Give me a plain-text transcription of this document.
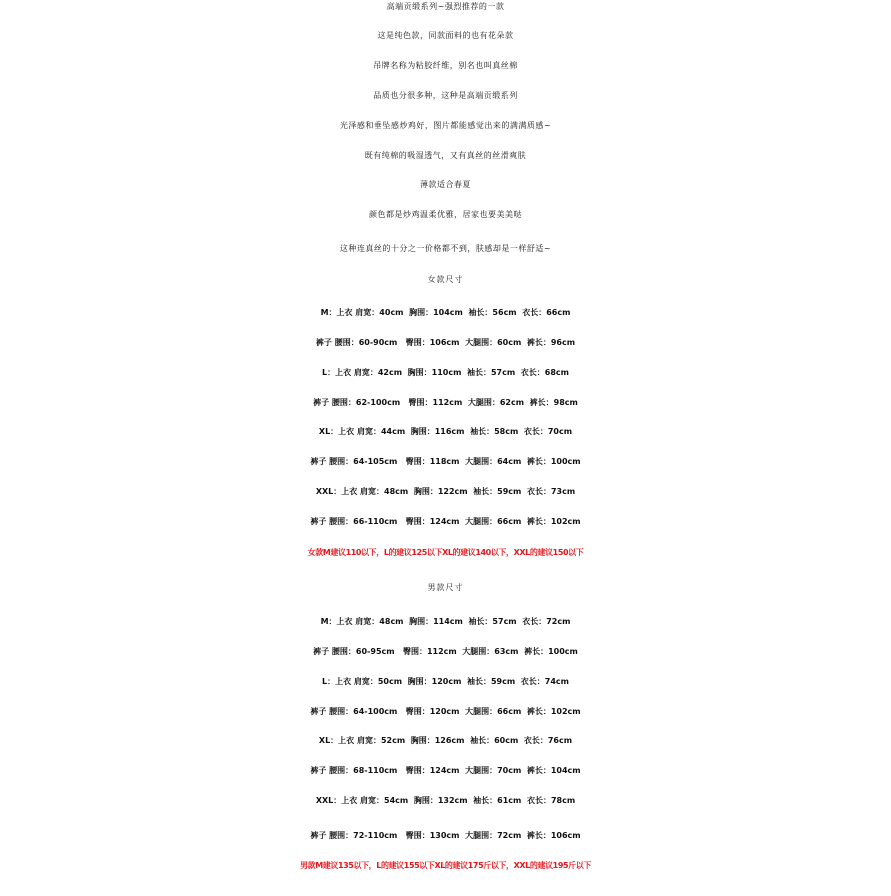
高端贡缎系列~强烈推荐的一款
这是纯色款，同款面料的也有花朵款
吊牌名称为粘胶纤维，别名也叫真丝棉
品质也分很多种，这种是高端贡缎系列
光泽感和垂坠感炒鸡好，图片都能感觉出来的满满质感~
既有纯棉的吸湿透气，又有真丝的丝滑爽肤
薄款适合春夏
颜色都是炒鸡温柔优雅，居家也要美美哒
这种连真丝的十分之一价格都不到，肤感却是一样舒适~
女款尺寸
M：上衣 肩宽：40cm  胸围：104cm  袖长：56cm  衣长：66cm
裤子 腰围：60-90cm   臀围：106cm  大腿围：60cm  裤长：96cm
L：上衣 肩宽：42cm  胸围：110cm  袖长：57cm  衣长：68cm
裤子 腰围：62-100cm   臀围：112cm  大腿围：62cm  裤长：98cm
XL：上衣 肩宽：44cm  胸围：116cm  袖长：58cm  衣长：70cm
裤子 腰围：64-105cm   臀围：118cm  大腿围：64cm  裤长：100cm
XXL：上衣 肩宽：48cm  胸围：122cm  袖长：59cm  衣长：73cm
裤子 腰围：66-110cm   臀围：124cm  大腿围：66cm  裤长：102cm
女款M建议110以下，L的建议125以下XL的建议140以下，XXL的建议150以下
男款尺寸
M：上衣 肩宽：48cm  胸围：114cm  袖长：57cm  衣长：72cm
裤子 腰围：60-95cm   臀围：112cm  大腿围：63cm  裤长：100cm
L：上衣 肩宽：50cm  胸围：120cm  袖长：59cm  衣长：74cm
裤子 腰围：64-100cm   臀围：120cm  大腿围：66cm  裤长：102cm
XL：上衣 肩宽：52cm  胸围：126cm  袖长：60cm  衣长：76cm
裤子 腰围：68-110cm   臀围：124cm  大腿围：70cm  裤长：104cm
XXL：上衣 肩宽：54cm  胸围：132cm  袖长：61cm  衣长：78cm
裤子 腰围：72-110cm   臀围：130cm  大腿围：72cm  裤长：106cm
男款M建议135以下，L的建议155以下XL的建议175斤以下，XXL的建议195斤以下
